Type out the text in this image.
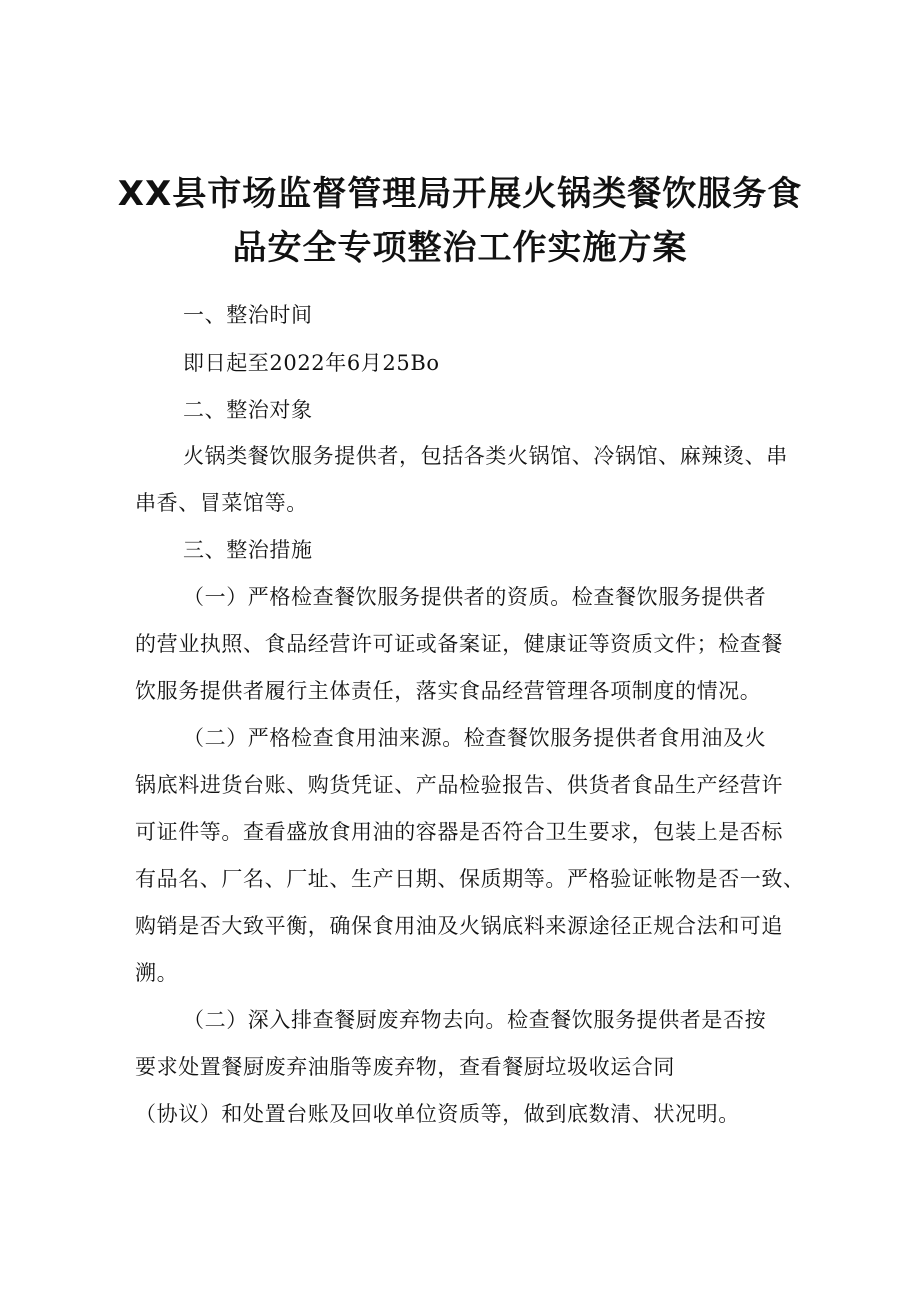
XX县市场监督管理局开展火锅类餐饮服务食
品安全专项整治工作实施方案
一、整治时间
即日起至2022年6月25Bo
二、整治对象
火锅类餐饮服务提供者，包括各类火锅馆、冷锅馆、麻辣烫、串
串香、冒菜馆等。
三、整治措施
（一）严格检查餐饮服务提供者的资质。检查餐饮服务提供者
的营业执照、食品经营许可证或备案证，健康证等资质文件；检查餐
饮服务提供者履行主体责任，落实食品经营管理各项制度的情况。
（二）严格检查食用油来源。检查餐饮服务提供者食用油及火
锅底料进货台账、购货凭证、产品检验报告、供货者食品生产经营许
可证件等。查看盛放食用油的容器是否符合卫生要求，包装上是否标
有品名、厂名、厂址、生产日期、保质期等。严格验证帐物是否一致、
购销是否大致平衡，确保食用油及火锅底料来源途径正规合法和可追
溯。
（二）深入排查餐厨废弃物去向。检查餐饮服务提供者是否按
要求处置餐厨废弃油脂等废弃物，查看餐厨垃圾收运合同
（协议）和处置台账及回收单位资质等，做到底数清、状况明。
